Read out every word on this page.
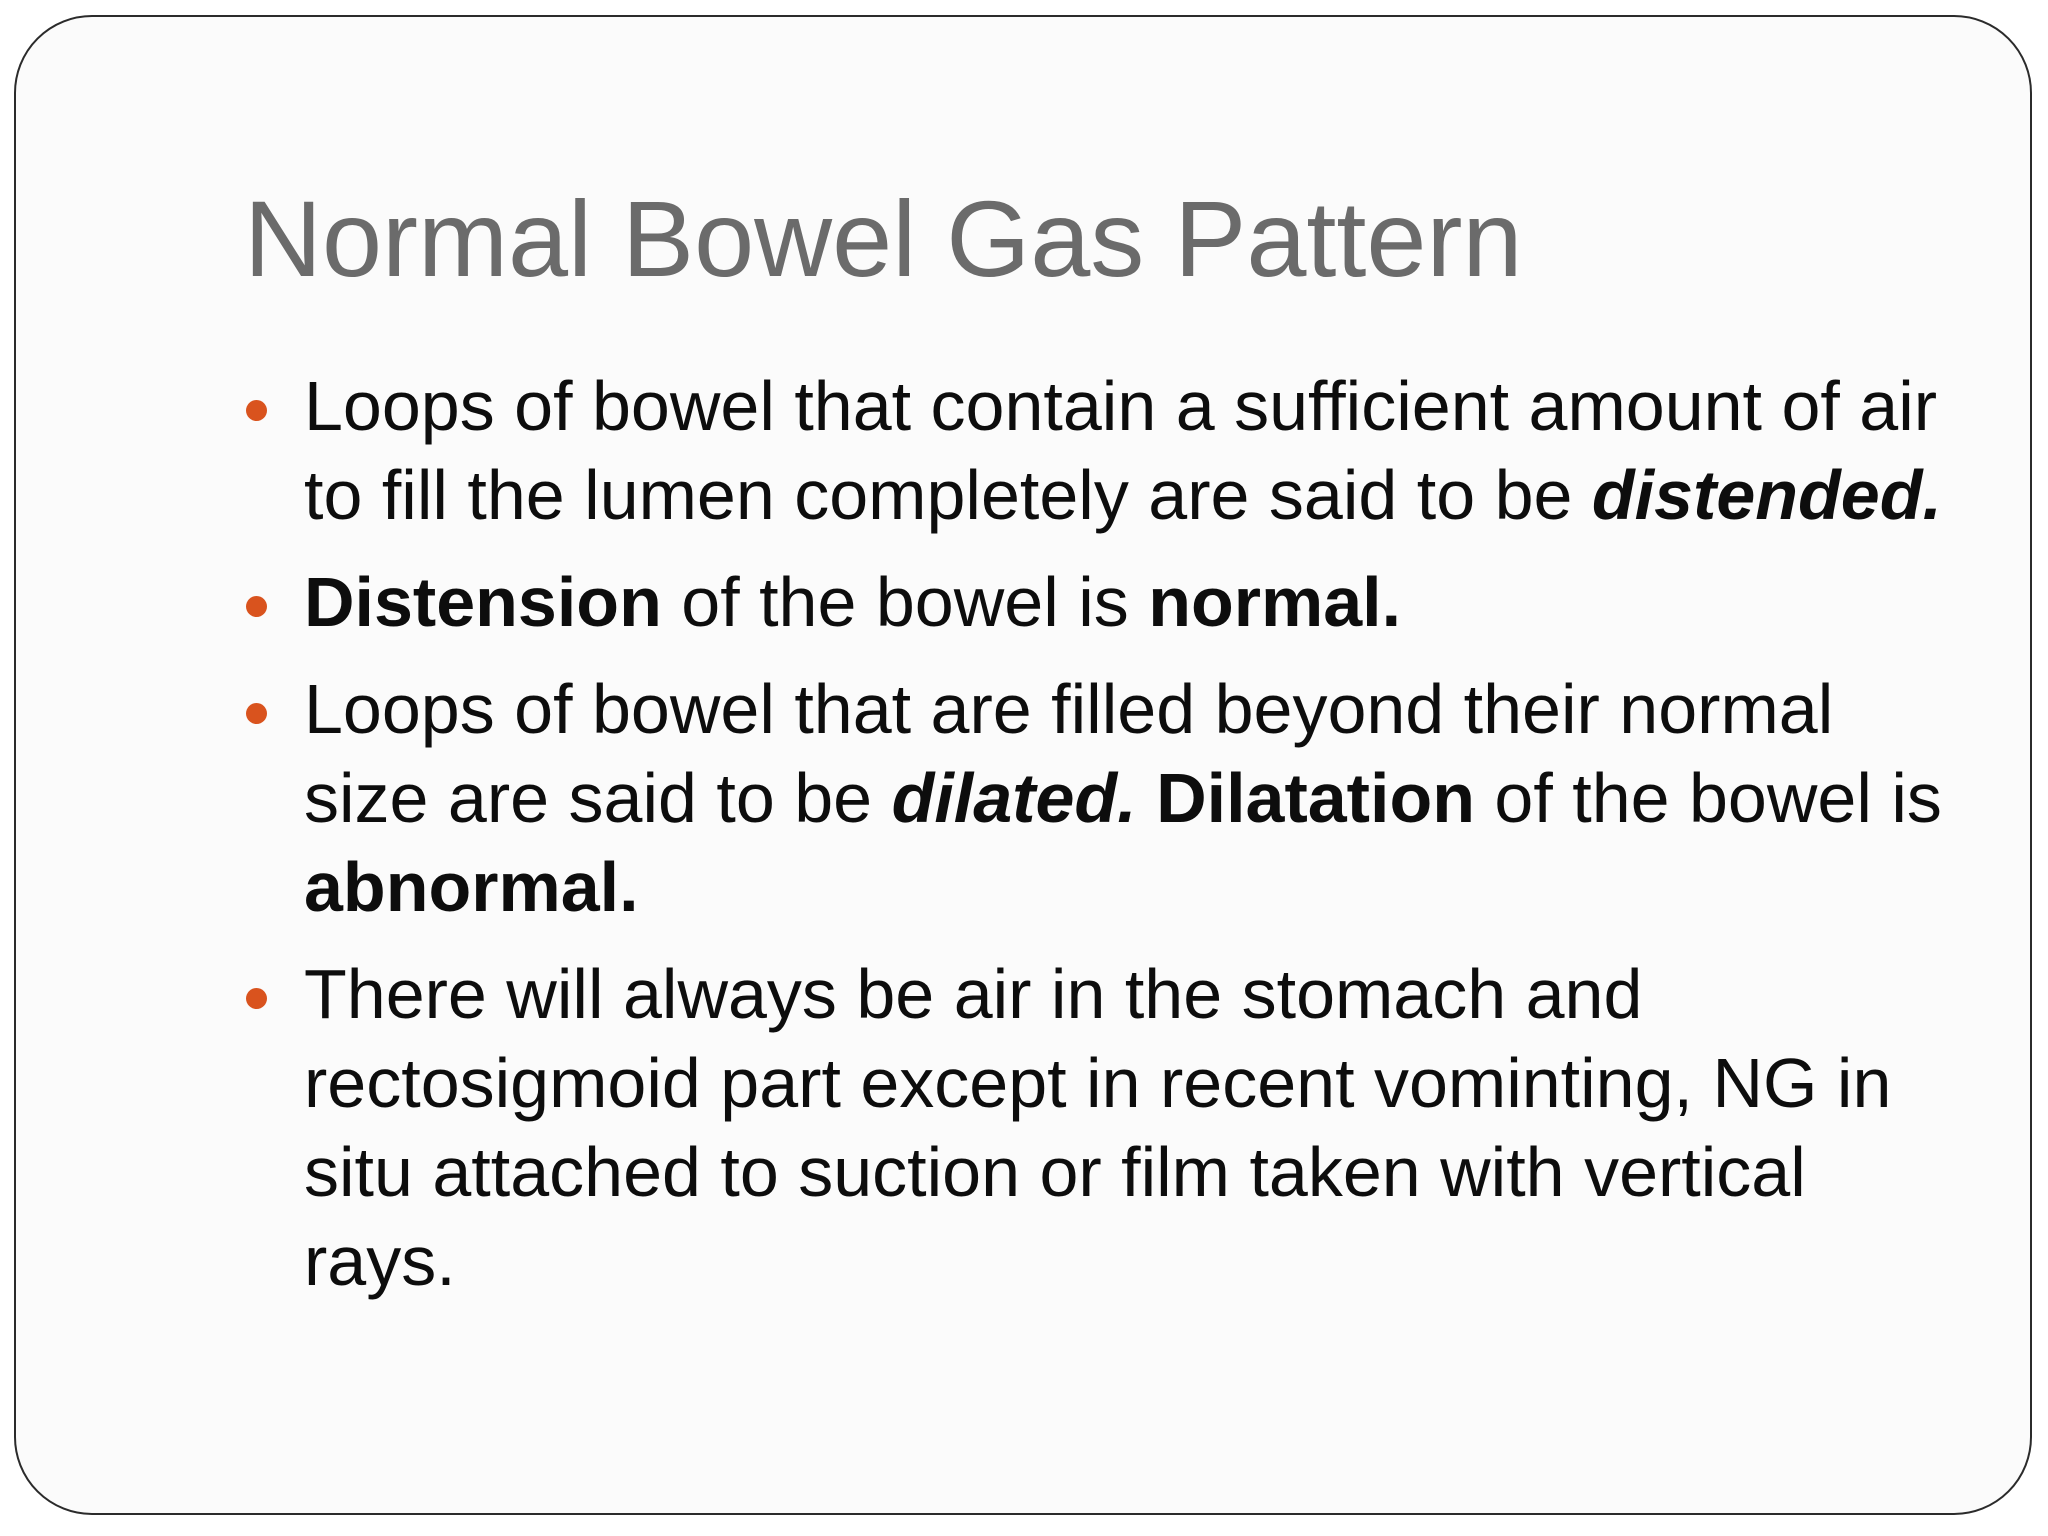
Normal Bowel Gas Pattern
Loops of bowel that contain a sufficient amount of air to fill the lumen completely are said to be distended.
Distension of the bowel is normal.
Loops of bowel that are filled beyond their normal size are said to be dilated. Dilatation of the bowel is abnormal.
There will always be air in the stomach and rectosigmoid part except in recent vominting, NG in situ attached to suction or film taken with vertical rays.
